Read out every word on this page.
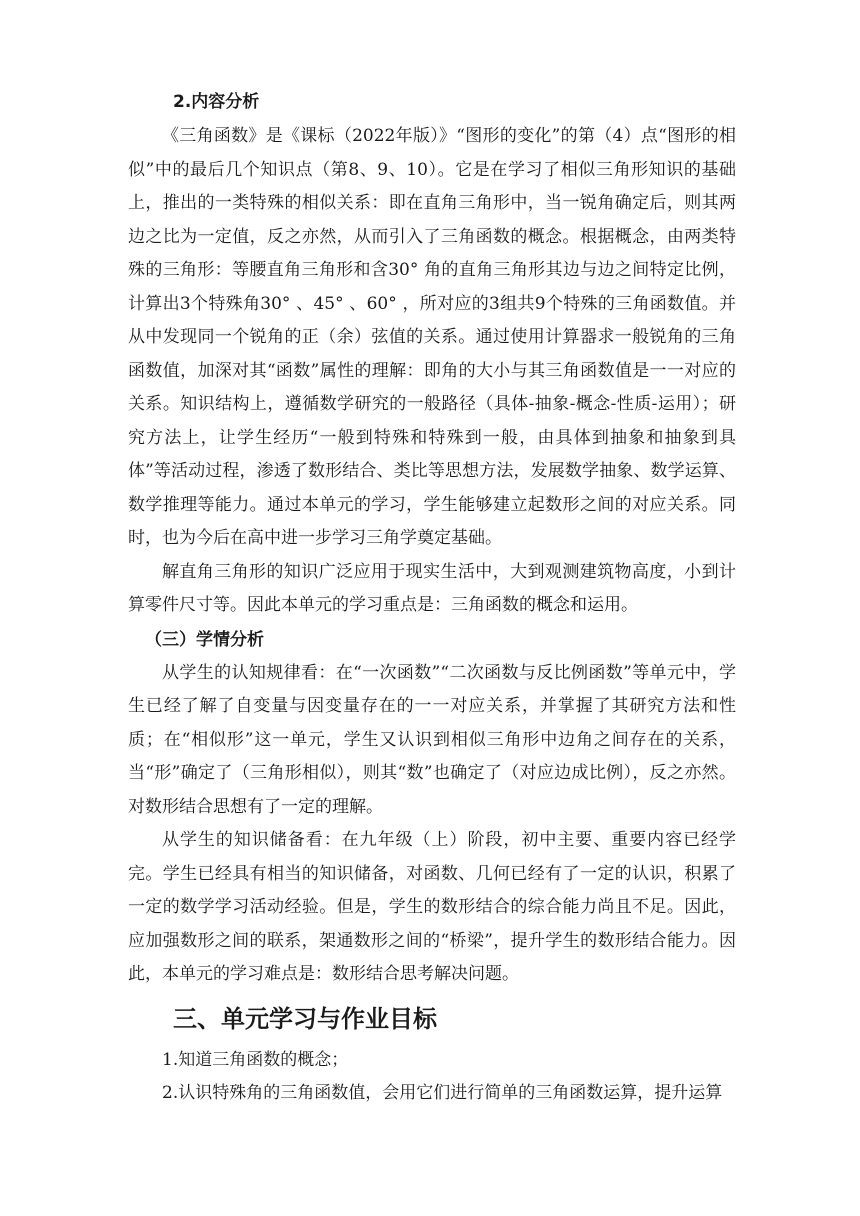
2.内容分析

《三角函数》是《课标（2022年版）》“图形的变化”的第（4）点“图形的相似”中的最后几个知识点（第8、9、10）。它是在学习了相似三角形知识的基础上，推出的一类特殊的相似关系：即在直角三角形中，当一锐角确定后，则其两边之比为一定值，反之亦然，从而引入了三角函数的概念。根据概念，由两类特殊的三角形：等腰直角三角形和含30° 角的直角三角形其边与边之间特定比例，计算出3个特殊角30° 、45° 、60° ，所对应的3组共9个特殊的三角函数值。并从中发现同一个锐角的正（余）弦值的关系。通过使用计算器求一般锐角的三角函数值，加深对其“函数”属性的理解：即角的大小与其三角函数值是一一对应的关系。知识结构上，遵循数学研究的一般路径（具体-抽象-概念-性质-运用）；研究方法上，让学生经历“一般到特殊和特殊到一般，由具体到抽象和抽象到具体”等活动过程，渗透了数形结合、类比等思想方法，发展数学抽象、数学运算、数学推理等能力。通过本单元的学习，学生能够建立起数形之间的对应关系。同时，也为今后在高中进一步学习三角学奠定基础。

解直角三角形的知识广泛应用于现实生活中，大到观测建筑物高度，小到计算零件尺寸等。因此本单元的学习重点是：三角函数的概念和运用。

（三）学情分析

从学生的认知规律看：在“一次函数”“二次函数与反比例函数”等单元中，学生已经了解了自变量与因变量存在的一一对应关系，并掌握了其研究方法和性质；在“相似形”这一单元，学生又认识到相似三角形中边角之间存在的关系，当“形”确定了（三角形相似），则其“数”也确定了（对应边成比例），反之亦然。对数形结合思想有了一定的理解。

从学生的知识储备看：在九年级（上）阶段，初中主要、重要内容已经学完。学生已经具有相当的知识储备，对函数、几何已经有了一定的认识，积累了一定的数学学习活动经验。但是，学生的数形结合的综合能力尚且不足。因此，应加强数形之间的联系，架通数形之间的“桥梁”，提升学生的数形结合能力。因此，本单元的学习难点是：数形结合思考解决问题。

三、单元学习与作业目标
1.知道三角函数的概念；
2.认识特殊角的三角函数值，会用它们进行简单的三角函数运算，提升运算
